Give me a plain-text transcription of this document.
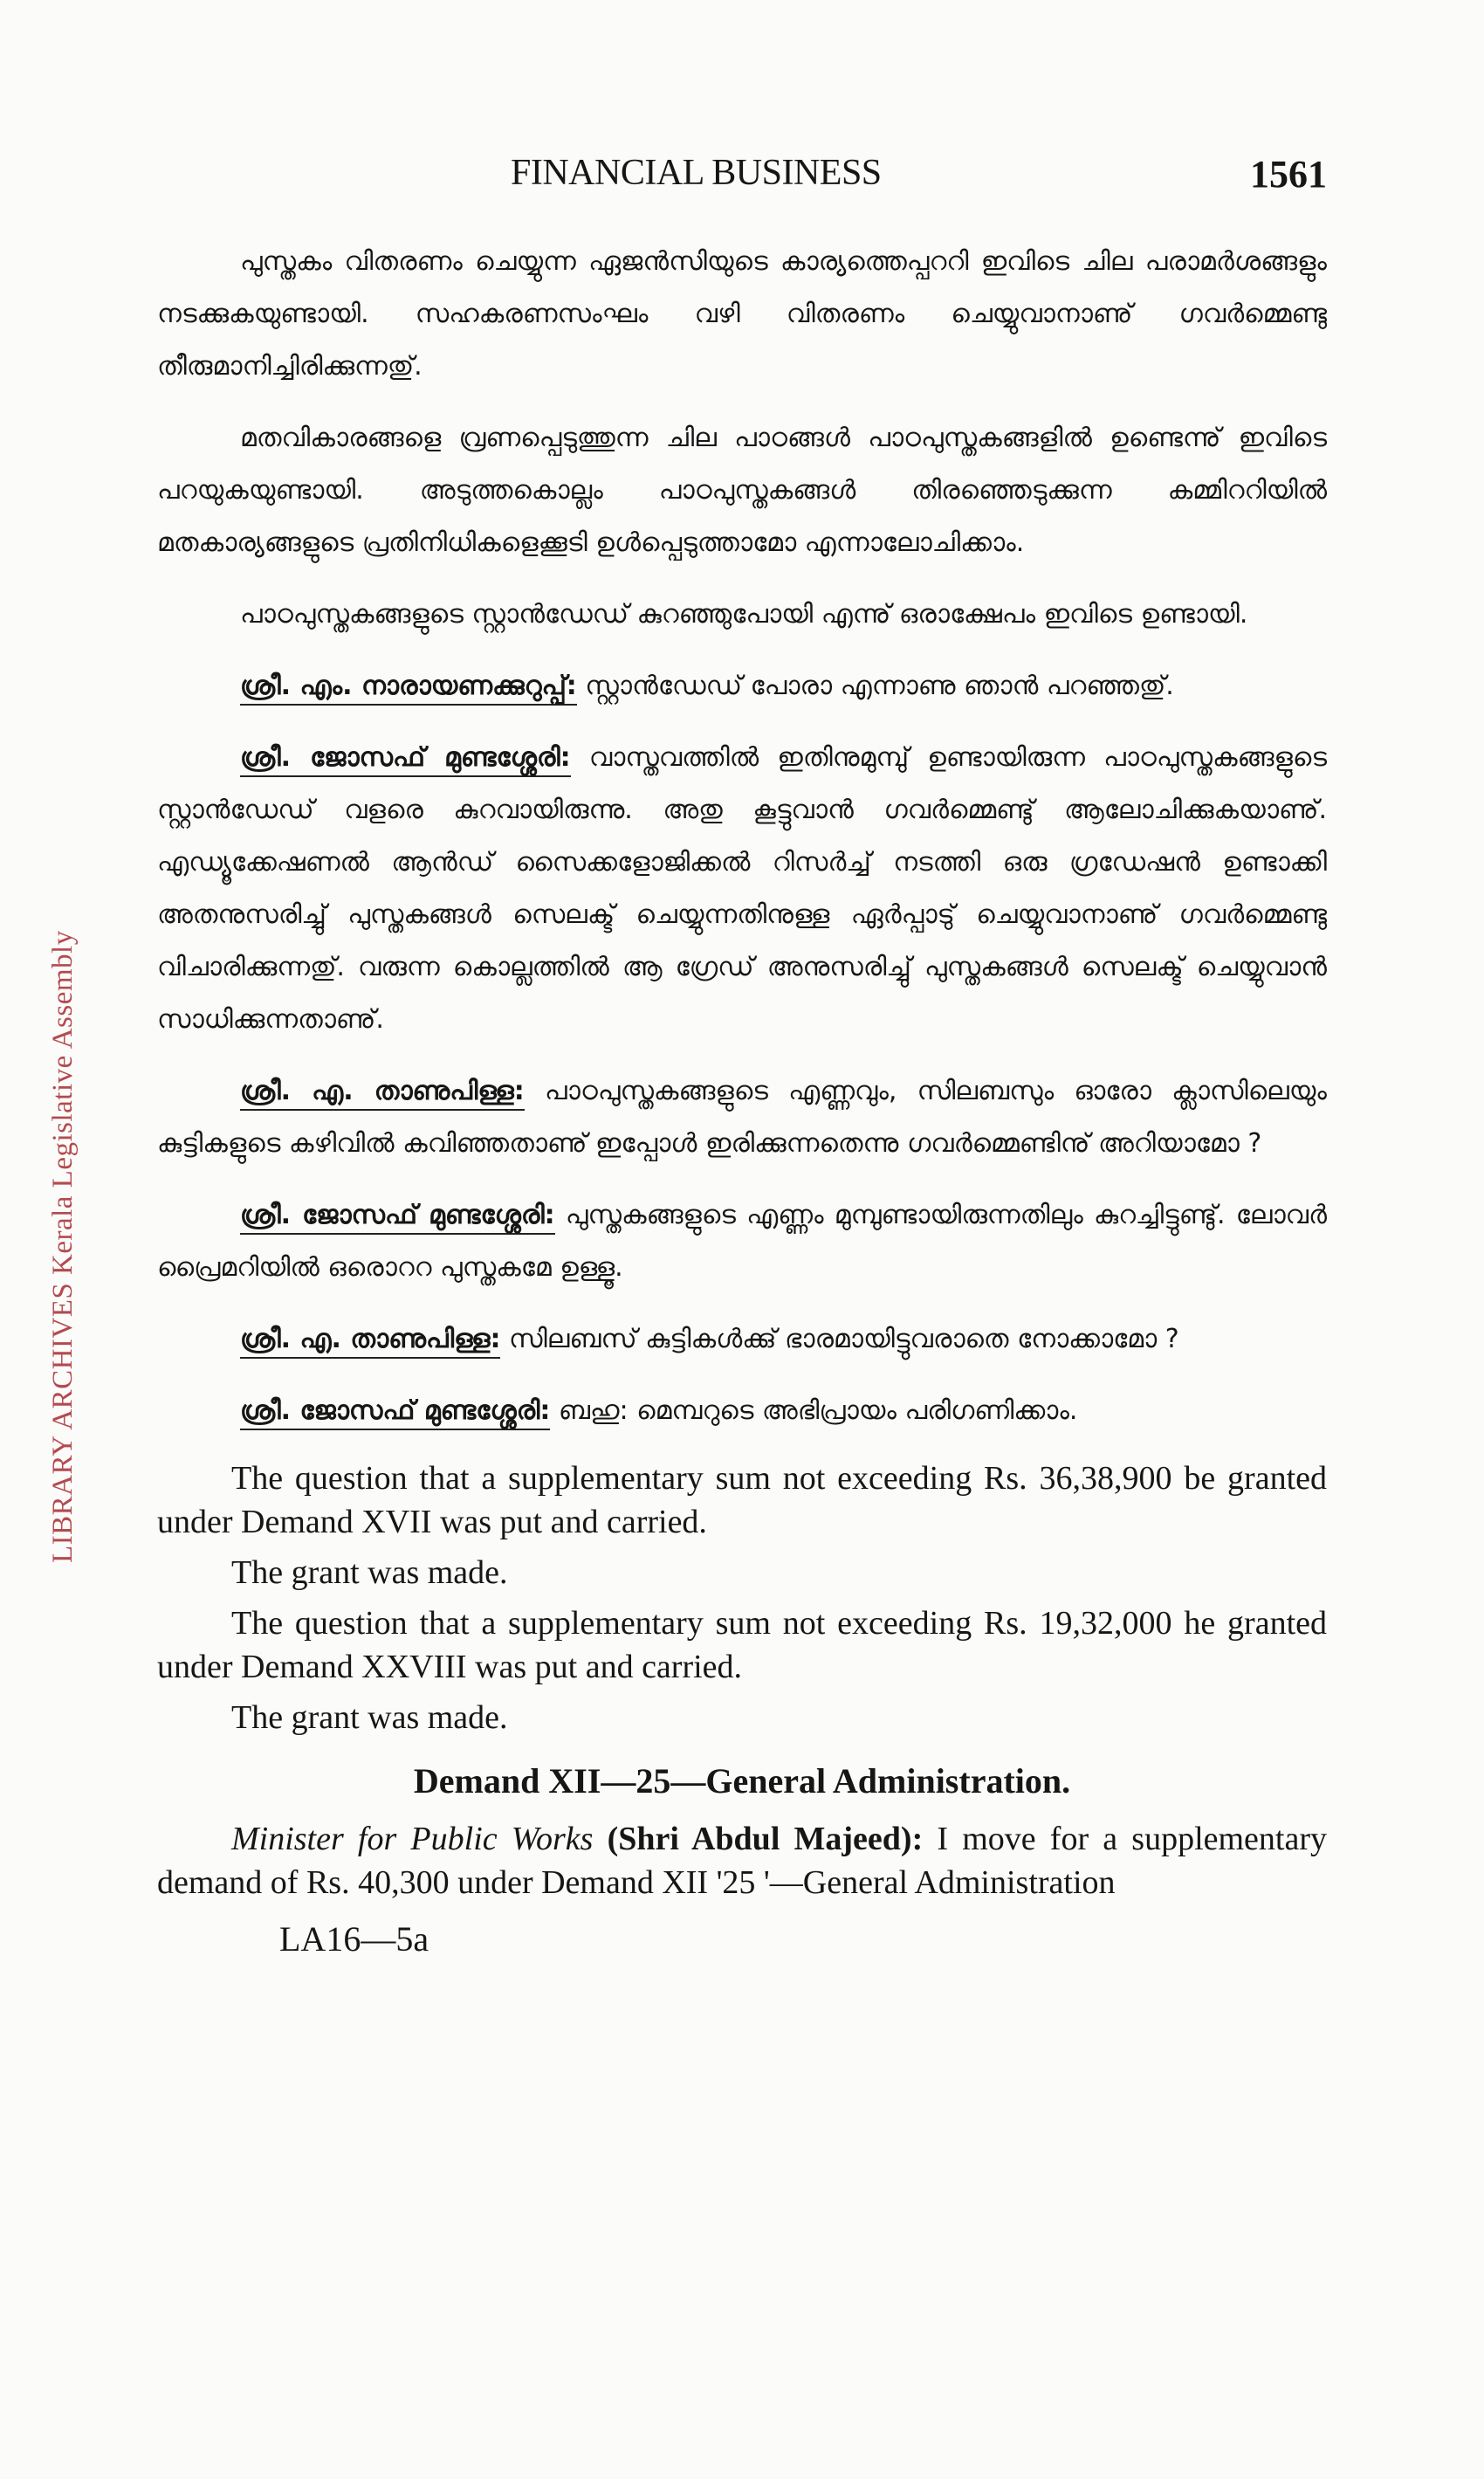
LIBRARY ARCHIVES Kerala Legislative Assembly
FINANCIAL BUSINESS	1561

പുസ്തകം വിതരണം ചെയ്യുന്ന ഏജൻസിയുടെ കാര്യത്തെപ്പററി ഇവിടെ ചില പരാമർശങ്ങളും നടക്കുകയുണ്ടായി. സഹകരണസംഘം വഴി വിതരണം ചെയ്യുവാനാണു് ഗവർമ്മെണ്ടു തീരുമാനിച്ചിരിക്കുന്നതു്.

മതവികാരങ്ങളെ വ്രണപ്പെടുത്തുന്ന ചില പാഠങ്ങൾ പാഠപുസ്തകങ്ങളിൽ ഉണ്ടെന്നു് ഇവിടെ പറയുകയുണ്ടായി. അടുത്തകൊല്ലം പാഠപുസ്തകങ്ങൾ തിരഞ്ഞെടുക്കുന്ന കമ്മിററിയിൽ മതകാര്യങ്ങളുടെ പ്രതിനിധികളെക്കൂടി ഉൾപ്പെടുത്താമോ എന്നാലോചിക്കാം.

പാഠപുസ്തകങ്ങളുടെ സ്റ്റാൻഡേഡ് കുറഞ്ഞുപോയി എന്നു് ഒരാക്ഷേപം ഇവിടെ ഉണ്ടായി.

ശ്രീ. എം. നാരായണക്കുറുപ്പ്: സ്റ്റാൻഡേഡ് പോരാ എന്നാണു ഞാൻ പറഞ്ഞതു്.

ശ്രീ. ജോസഫ് മുണ്ടശ്ശേരി: വാസ്തവത്തിൽ ഇതിനുമുമ്പു് ഉണ്ടായിരുന്ന പാഠപുസ്തകങ്ങളുടെ സ്റ്റാൻഡേഡ് വളരെ കുറവായിരുന്നു. അതു കൂട്ടുവാൻ ഗവർമ്മെണ്ടു് ആലോചിക്കുകയാണു്. എഡ്യൂക്കേഷണൽ ആൻഡ് സൈക്കളോജിക്കൽ റിസർച്ച് നടത്തി ഒരു ഗ്രഡേഷൻ ഉണ്ടാക്കി അതനുസരിച്ചു് പുസ്തകങ്ങൾ സെലക്ട് ചെയ്യുന്നതിനുള്ള ഏർപ്പാടു് ചെയ്യുവാനാണു് ഗവർമ്മെണ്ടു വിചാരിക്കുന്നതു്. വരുന്ന കൊല്ലത്തിൽ ആ ഗ്രേഡ് അനുസരിച്ചു് പുസ്തകങ്ങൾ സെലക്ട് ചെയ്യുവാൻ സാധിക്കുന്നതാണു്.

ശ്രീ. എ. താണുപിള്ള: പാഠപുസ്തകങ്ങളുടെ എണ്ണവും, സിലബസും ഓരോ ക്ലാസിലെയും കുട്ടികളുടെ കഴിവിൽ കവിഞ്ഞതാണു് ഇപ്പോൾ ഇരിക്കുന്നതെന്നു ഗവർമ്മെണ്ടിനു് അറിയാമോ ?

ശ്രീ. ജോസഫ് മുണ്ടശ്ശേരി: പുസ്തകങ്ങളുടെ എണ്ണം മുമ്പുണ്ടായിരുന്നതിലും കുറച്ചിട്ടുണ്ടു്. ലോവർ പ്രൈമറിയിൽ ഒരൊററ പുസ്തകമേ ഉള്ളൂ.

ശ്രീ. എ. താണുപിള്ള: സിലബസ് കുട്ടികൾക്കു് ഭാരമായിട്ടുവരാതെ നോക്കാമോ ?

ശ്രീ. ജോസഫ് മുണ്ടശ്ശേരി: ബഹു: മെമ്പറുടെ അഭിപ്രായം പരിഗണിക്കാം.

The question that a supplementary sum not exceeding Rs. 36,38,900 be granted under Demand XVII was put and carried.

The grant was made.

The question that a supplementary sum not exceeding Rs. 19,32,000 he granted under Demand XXVIII was put and carried.

The grant was made.

Demand XII—25—General Administration.

Minister for Public Works (Shri Abdul Majeed): I move for a supplementary demand of Rs. 40,300 under Demand XII '25 '—General Administration

LA16—5a
